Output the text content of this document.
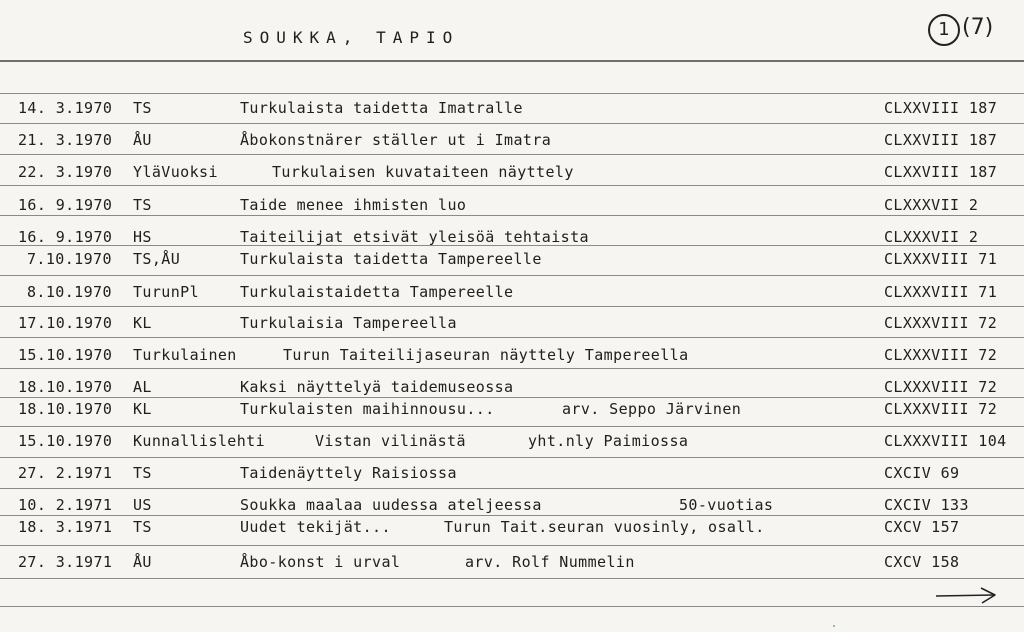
SOUKKA, TAPIO	1 (7)
14. 3.1970 TS	Turkulaista taidetta Imatralle	CLXXVIII 187
21. 3.1970 ÅU	Åbokonstnärer ställer ut i Imatra	CLXXVIII 187
22. 3.1970 YläVuoksi	Turkulaisen kuvataiteen näyttely	CLXXVIII 187
16. 9.1970 TS	Taide menee ihmisten luo	CLXXXVII 2
16. 9.1970 HS	Taiteilijat etsivät yleisöä tehtaista	CLXXXVII 2
7.10.1970 TS,ÅU	Turkulaista taidetta Tampereelle	CLXXXVIII 71
8.10.1970 TurunPl	Turkulaistaidetta Tampereelle	CLXXXVIII 71
17.10.1970 KL	Turkulaisia Tampereella	CLXXXVIII 72
15.10.1970 Turkulainen	Turun Taiteilijaseuran näyttely Tampereella	CLXXXVIII 72
18.10.1970 AL	Kaksi näyttelyä taidemuseossa	CLXXXVIII 72
18.10.1970 KL	Turkulaisten maihinnousu...	arv. Seppo Järvinen	CLXXXVIII 72
15.10.1970 Kunnallislehti	Vistan vilinästä	yht.nly Paimiossa	CLXXXVIII 104
27. 2.1971 TS	Taidenäyttely Raisiossa	CXCIV 69
10. 2.1971 US	Soukka maalaa uudessa ateljeessa	50-vuotias	CXCIV 133
18. 3.1971 TS	Uudet tekijät...	Turun Tait.seuran vuosinly, osall.	CXCV 157
27. 3.1971 ÅU	Åbo-konst i urval	arv. Rolf Nummelin	CXCV 158
